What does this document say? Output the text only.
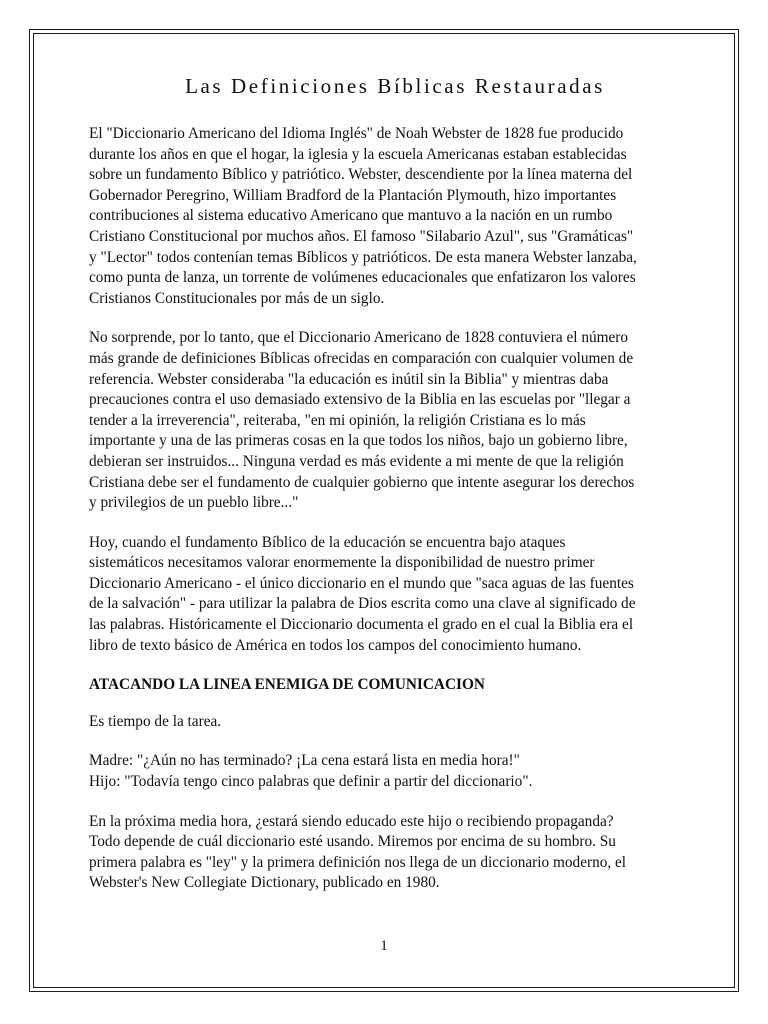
Las Definiciones Bíblicas Restauradas

El "Diccionario Americano del Idioma Inglés" de Noah Webster de 1828 fue producido
durante los años en que el hogar, la iglesia y la escuela Americanas estaban establecidas
sobre un fundamento Bíblico y patriótico. Webster, descendiente por la línea materna del
Gobernador Peregrino, William Bradford de la Plantación Plymouth, hizo importantes
contribuciones al sistema educativo Americano que mantuvo a la nación en un rumbo
Cristiano Constitucional por muchos años. El famoso "Silabario Azul", sus "Gramáticas"
y "Lector" todos contenían temas Bíblicos y patrióticos. De esta manera Webster lanzaba,
como punta de lanza, un torrente de volúmenes educacionales que enfatizaron los valores
Cristianos Constitucionales por más de un siglo.

No sorprende, por lo tanto, que el Diccionario Americano de 1828 contuviera el número
más grande de definiciones Bíblicas ofrecidas en comparación con cualquier volumen de
referencia. Webster consideraba "la educación es inútil sin la Biblia" y mientras daba
precauciones contra el uso demasiado extensivo de la Biblia en las escuelas por "llegar a
tender a la irreverencia", reiteraba, "en mi opinión, la religión Cristiana es lo más
importante y una de las primeras cosas en la que todos los niños, bajo un gobierno libre,
debieran ser instruidos... Ninguna verdad es más evidente a mi mente de que la religión
Cristiana debe ser el fundamento de cualquier gobierno que intente asegurar los derechos
y privilegios de un pueblo libre..."

Hoy, cuando el fundamento Bíblico de la educación se encuentra bajo ataques
sistemáticos necesitamos valorar enormemente la disponibilidad de nuestro primer
Diccionario Americano - el único diccionario en el mundo que "saca aguas de las fuentes
de la salvación" - para utilizar la palabra de Dios escrita como una clave al significado de
las palabras. Históricamente el Diccionario documenta el grado en el cual la Biblia era el
libro de texto básico de América en todos los campos del conocimiento humano.

ATACANDO LA LINEA ENEMIGA DE COMUNICACION

Es tiempo de la tarea.

Madre: "¿Aún no has terminado? ¡La cena estará lista en media hora!"

Hijo: "Todavía tengo cinco palabras que definir a partir del diccionario".

En la próxima media hora, ¿estará siendo educado este hijo o recibiendo propaganda?
Todo depende de cuál diccionario esté usando. Miremos por encima de su hombro. Su
primera palabra es "ley" y la primera definición nos llega de un diccionario moderno, el
Webster's New Collegiate Dictionary, publicado en 1980.

1
